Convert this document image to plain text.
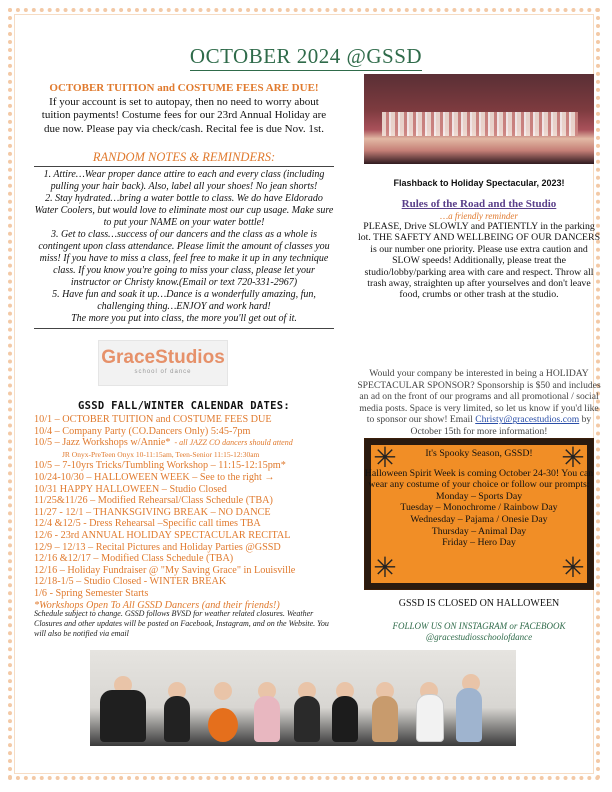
OCTOBER 2024 @GSSD
OCTOBER TUITION and COSTUME FEES ARE DUE!
If your account is set to autopay, then no need to worry about tuition payments! Costume fees for our 23rd Annual Holiday are due now. Please pay via check/cash. Recital fee is due Nov. 1st.
RANDOM NOTES & REMINDERS:

1. Attire…Wear proper dance attire to each and every class (including pulling your hair back). Also, label all your shoes! No jean shorts!

2. Stay hydrated…bring a water bottle to class. We do have Eldorado Water Coolers, but would love to eliminate most our cup usage. Make sure to put your NAME on your water bottle!

3. Get to class…success of our dancers and the class as a whole is contingent upon class attendance. Please limit the amount of classes you miss! If you have to miss a class, feel free to make it up in any technique class. If you know you're going to miss your class, please let your instructor or Christy know.(Email or text 720-331-2967)

5. Have fun and soak it up…Dance is a wonderfully amazing, fun, challenging thing…ENJOY and work hard!

The more you put into class, the more you'll get out of it.

GraceStudios
school of dance
GSSD FALL/WINTER CALENDAR DATES:
10/1 – OCTOBER TUITION and COSTUME FEES DUE
10/4 – Company Party (CO.Dancers Only) 5:45-7pm
10/5 – Jazz Workshops w/Annie* - all JAZZ CO dancers should attend
JR Onyx-PreTeen Onyx 10-11:15am, Teen-Senior 11:15-12:30am
10/5 – 7-10yrs Tricks/Tumbling Workshop – 11:15-12:15pm*
10/24-10/30 – HALLOWEEN WEEK – See to the right →
10/31 HAPPY HALLOWEEN – Studio Closed
11/25&11/26 – Modified Rehearsal/Class Schedule (TBA)
11/27 - 12/1 – THANKSGIVING BREAK – NO DANCE
12/4 &12/5 - Dress Rehearsal –Specific call times TBA
12/6 - 23rd ANNUAL HOLIDAY SPECTACULAR RECITAL
12/9 – 12/13 – Recital Pictures and Holiday Parties @GSSD
12/16 &12/17 – Modified Class Schedule (TBA)
12/16 – Holiday Fundraiser @ "My Saving Grace" in Louisville
12/18-1/5 – Studio Closed - WINTER BREAK
1/6 - Spring Semester Starts
*Workshops Open To All GSSD Dancers (and their friends!)
Schedule subject to change. GSSD follows BVSD for weather related closures. Weather Closures and other updates will be posted on Facebook, Instagram, and on the Website. You will also be notified via email
Flashback to Holiday Spectacular, 2023!
Rules of the Road and the Studio
…a friendly reminder
PLEASE, Drive SLOWLY and PATIENTLY in the parking lot. THE SAFETY AND WELLBEING OF OUR DANCERS is our number one priority. Please use extra caution and SLOW speeds! Additionally, please treat the studio/lobby/parking area with care and respect. Throw all trash away, straighten up after yourselves and don't leave food, crumbs or other trash at the studio.
Would your company be interested in being a HOLIDAY SPECTACULAR SPONSOR? Sponsorship is $50 and includes an ad on the front of our programs and all promotional / social media posts. Space is very limited, so let us know if you'd like to sponsor our show! Email Christy@gracestudios.com by October 15th for more information!
✳	✳
✳	✳
It's Spooky Season, GSSD!
Halloween Spirit Week is coming October 24-30! You can wear any costume of your choice or follow our prompts:
Monday – Sports Day
Tuesday – Monochrome / Rainbow Day
Wednesday – Pajama / Onesie Day
Thursday – Animal Day
Friday – Hero Day
GSSD IS CLOSED ON HALLOWEEN
FOLLOW US ON INSTAGRAM or FACEBOOK
@gracestudiosschoolofdance
